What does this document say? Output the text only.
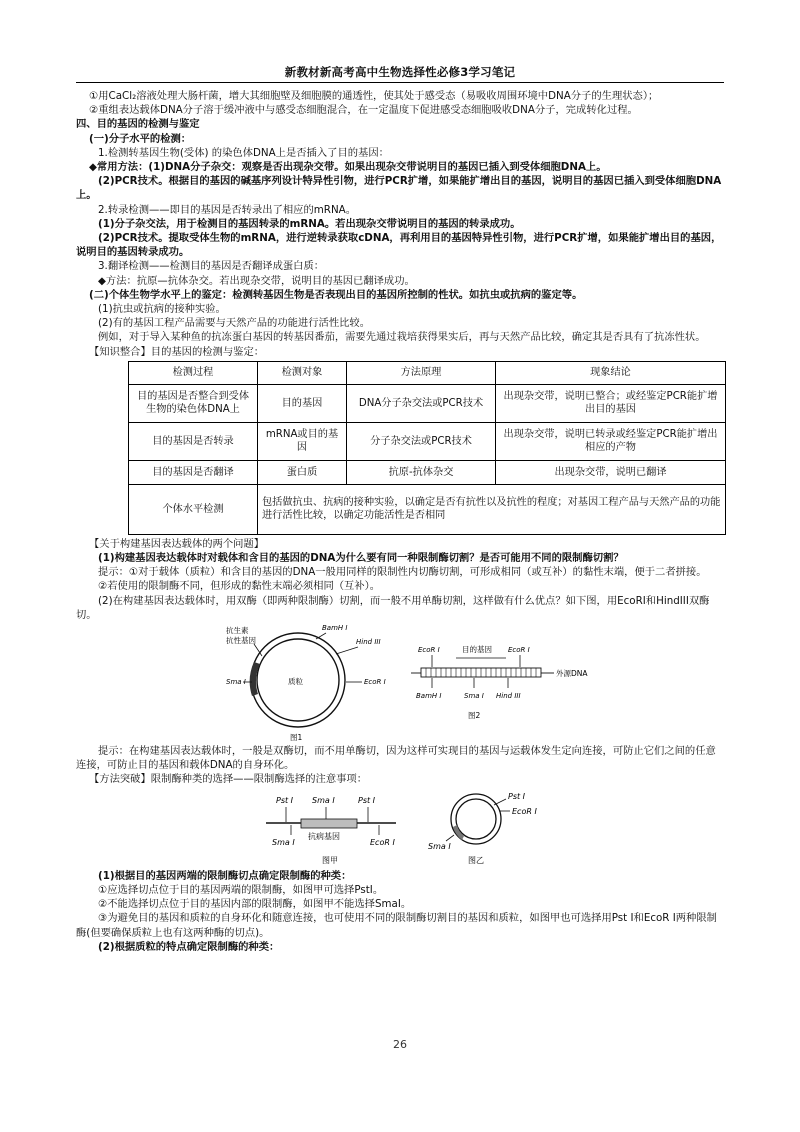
新教材新高考高中生物选择性必修3学习笔记

①用CaCl₂溶液处理大肠杆菌，增大其细胞壁及细胞膜的通透性，使其处于感受态（易吸收周围环境中DNA分子的生理状态）；

②重组表达载体DNA分子溶于缓冲液中与感受态细胞混合，在一定温度下促进感受态细胞吸收DNA分子，完成转化过程。

四、目的基因的检测与鉴定

(一)分子水平的检测：

1.检测转基因生物(受体) 的染色体DNA上是否插入了目的基因：

◆常用方法：(1)DNA分子杂交：观察是否出现杂交带。如果出现杂交带说明目的基因已插入到受体细胞DNA上。

(2)PCR技术。根据目的基因的碱基序列设计特异性引物，进行PCR扩增，如果能扩增出目的基因，说明目的基因已插入到受体细胞DNA上。

2.转录检测——即目的基因是否转录出了相应的mRNA。

(1)分子杂交法，用于检测目的基因转录的mRNA。若出现杂交带说明目的基因的转录成功。

(2)PCR技术。提取受体生物的mRNA，进行逆转录获取cDNA，再利用目的基因特异性引物，进行PCR扩增，如果能扩增出目的基因，说明目的基因转录成功。

3.翻译检测——检测目的基因是否翻译成蛋白质：

◆方法：抗原—抗体杂交。若出现杂交带，说明目的基因已翻译成功。

(二)个体生物学水平上的鉴定：检测转基因生物是否表现出目的基因所控制的性状。如抗虫或抗病的鉴定等。

(1)抗虫或抗病的接种实验。

(2)有的基因工程产品需要与天然产品的功能进行活性比较。

例如，对于导入某种鱼的抗冻蛋白基因的转基因番茄，需要先通过栽培获得果实后，再与天然产品比较，确定其是否具有了抗冻性状。

【知识整合】目的基因的检测与鉴定：

检测过程	检测对象	方法原理	现象结论
目的基因是否整合到受体生物的染色体DNA上	目的基因	DNA分子杂交法或PCR技术	出现杂交带，说明已整合；或经鉴定PCR能扩增出目的基因
目的基因是否转录	mRNA或目的基因	分子杂交法或PCR技术	出现杂交带，说明已转录或经鉴定PCR能扩增出相应的产物
目的基因是否翻译	蛋白质	抗原-抗体杂交	出现杂交带，说明已翻译
个体水平检测	包括做抗虫、抗病的接种实验，以确定是否有抗性以及抗性的程度；对基因工程产品与天然产品的功能进行活性比较，以确定功能活性是否相同		

【关于构建基因表达载体的两个问题】

(1)构建基因表达载体时对载体和含目的基因的DNA为什么要有同一种限制酶切割？是否可能用不同的限制酶切割？

提示：①对于载体（质粒）和含目的基因的DNA一般用同样的限制性内切酶切割，可形成相同（或互补）的黏性末端，便于二者拼接。

②若使用的限制酶不同，但形成的黏性末端必须相同（互补）。

(2)在构建基因表达载体时，用双酶（即两种限制酶）切割，而一般不用单酶切割，这样做有什么优点？如下图，用EcoRI和HindIII双酶切。

抗生素
抗性基因
BamH I
Hind III
Sma I	质粒	EcoR I
图1
EcoR I	目的基因 EcoR I
外源DNA
BamH I	Sma I Hind III
图2

提示：在构建基因表达载体时，一般是双酶切，而不用单酶切，因为这样可实现目的基因与运载体发生定向连接，可防止它们之间的任意连接，可防止目的基因和载体DNA的自身环化。

【方法突破】限制酶种类的选择——限制酶选择的注意事项：

Pst I Sma I	Pst I
Sma I
抗病基因
EcoR I
图甲
Pst I
EcoR I
Sma I
图乙

(1)根据目的基因两端的限制酶切点确定限制酶的种类：

①应选择切点位于目的基因两端的限制酶，如图甲可选择PstI。

②不能选择切点位于目的基因内部的限制酶，如图甲不能选择SmaI。

③为避免目的基因和质粒的自身环化和随意连接，也可使用不同的限制酶切割目的基因和质粒，如图甲也可选择用Pst I和EcoR I两种限制酶(但要确保质粒上也有这两种酶的切点)。

(2)根据质粒的特点确定限制酶的种类：

26
